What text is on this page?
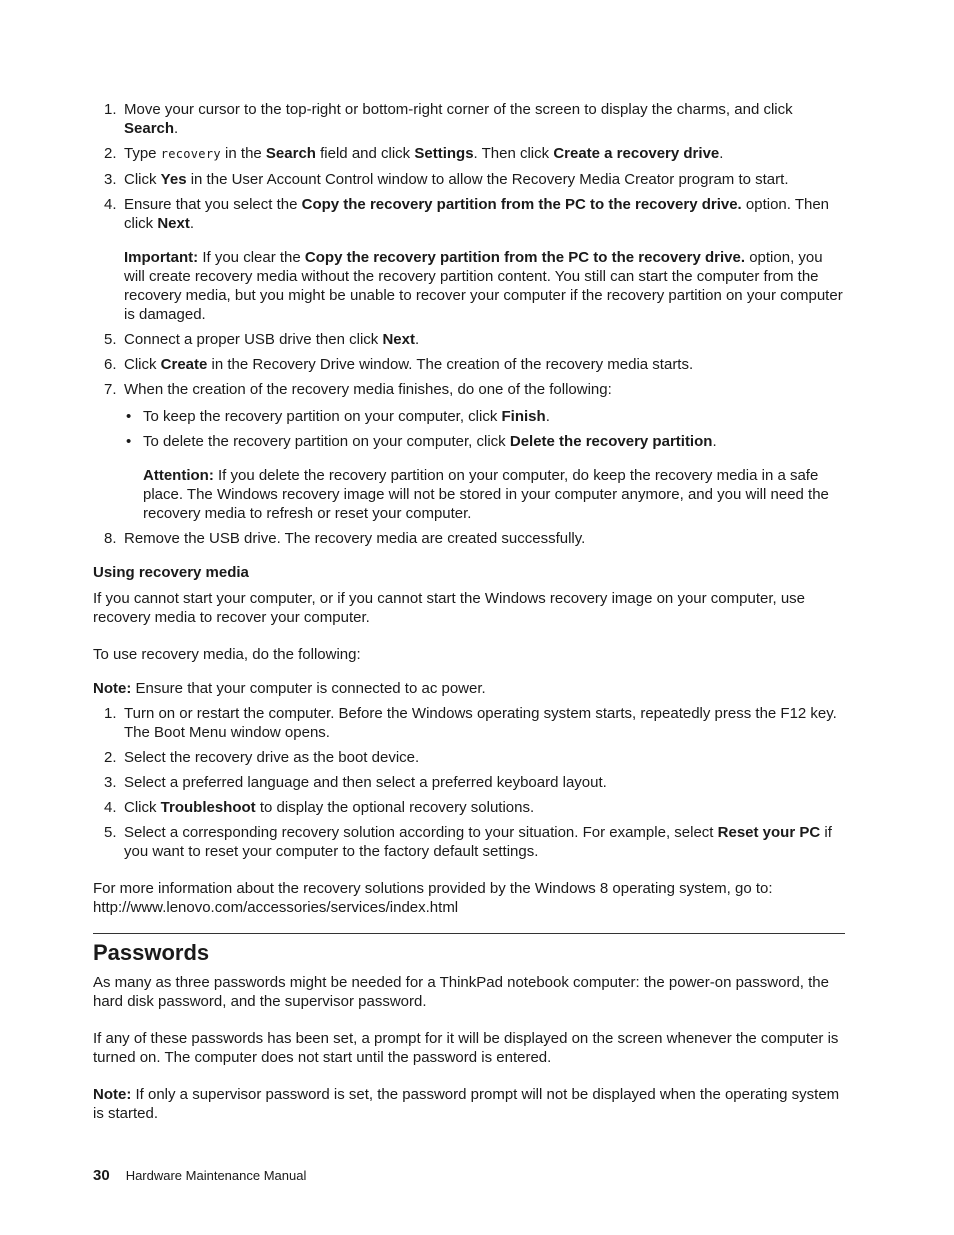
1. Move your cursor to the top-right or bottom-right corner of the screen to display the charms, and click Search.
2. Type recovery in the Search field and click Settings. Then click Create a recovery drive.
3. Click Yes in the User Account Control window to allow the Recovery Media Creator program to start.
4. Ensure that you select the Copy the recovery partition from the PC to the recovery drive. option. Then click Next.

Important: If you clear the Copy the recovery partition from the PC to the recovery drive. option, you will create recovery media without the recovery partition content. You still can start the computer from the recovery media, but you might be unable to recover your computer if the recovery partition on your computer is damaged.

5. Connect a proper USB drive then click Next.
6. Click Create in the Recovery Drive window. The creation of the recovery media starts.
7. When the creation of the recovery media finishes, do one of the following:
• To keep the recovery partition on your computer, click Finish.
• To delete the recovery partition on your computer, click Delete the recovery partition.

Attention: If you delete the recovery partition on your computer, do keep the recovery media in a safe place. The Windows recovery image will not be stored in your computer anymore, and you will need the recovery media to refresh or reset your computer.

8. Remove the USB drive. The recovery media are created successfully.
Using recovery media

If you cannot start your computer, or if you cannot start the Windows recovery image on your computer, use recovery media to recover your computer.

To use recovery media, do the following:

Note: Ensure that your computer is connected to ac power.

1. Turn on or restart the computer. Before the Windows operating system starts, repeatedly press the F12 key. The Boot Menu window opens.
2. Select the recovery drive as the boot device.
3. Select a preferred language and then select a preferred keyboard layout.
4. Click Troubleshoot to display the optional recovery solutions.
5. Select a corresponding recovery solution according to your situation. For example, select Reset your PC if you want to reset your computer to the factory default settings.

For more information about the recovery solutions provided by the Windows 8 operating system, go to:
http://www.lenovo.com/accessories/services/index.html

Passwords

As many as three passwords might be needed for a ThinkPad notebook computer: the power-on password, the hard disk password, and the supervisor password.

If any of these passwords has been set, a prompt for it will be displayed on the screen whenever the computer is turned on. The computer does not start until the password is entered.

Note: If only a supervisor password is set, the password prompt will not be displayed when the operating system is started.

30 Hardware Maintenance Manual
